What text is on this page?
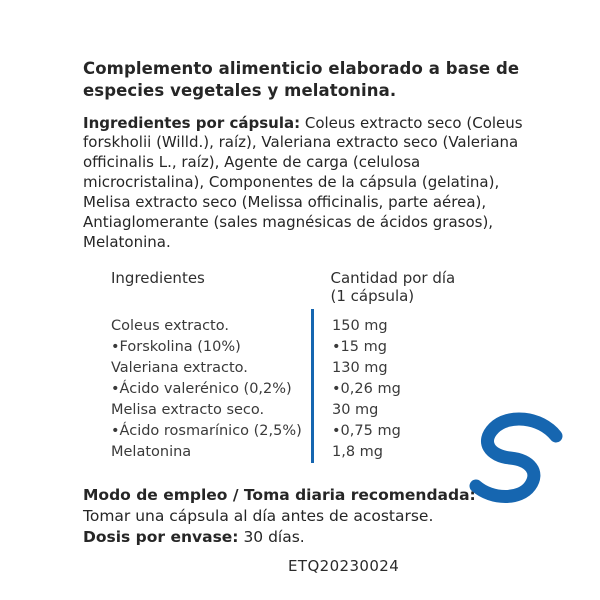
Complemento alimenticio elaborado a base de especies vegetales y melatonina.

Ingredientes por cápsula: Coleus extracto seco (Coleus forskholii (Willd.), raíz), Valeriana extracto seco (Valeriana officinalis L., raíz), Agente de carga (celulosa microcristalina), Componentes de la cápsula (gelatina), Melisa extracto seco (Melissa officinalis, parte aérea), Antiaglomerante (sales magnésicas de ácidos grasos), Melatonina.

Ingredientes	Cantidad por día
(1 cápsula)

Coleus extracto.	150 mg
•Forskolina (10%)	•15 mg
Valeriana extracto.	130 mg
•Ácido valerénico (0,2%)	•0,26 mg
Melisa extracto seco.	30 mg
•Ácido rosmarínico (2,5%)	•0,75 mg
Melatonina	1,8 mg
Modo de empleo / Toma diaria recomendada:
Tomar una cápsula al día antes de acostarse.
Dosis por envase: 30 días.
ETQ20230024
